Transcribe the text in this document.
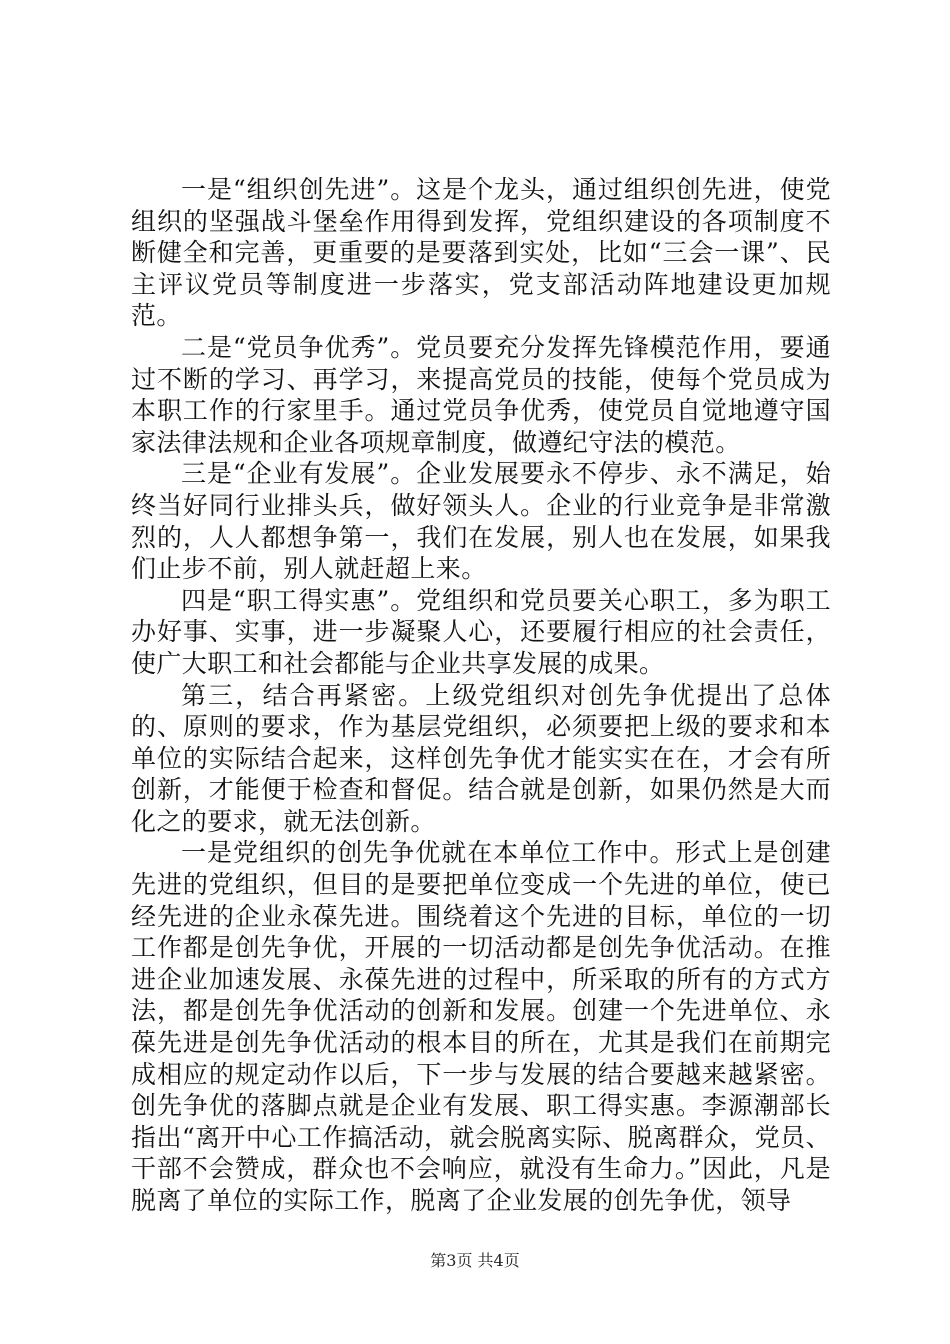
一是“组织创先进”。这是个龙头，通过组织创先进，使党组织的坚强战斗堡垒作用得到发挥，党组织建设的各项制度不断健全和完善，更重要的是要落到实处，比如“三会一课”、民主评议党员等制度进一步落实，党支部活动阵地建设更加规范。

二是“党员争优秀”。党员要充分发挥先锋模范作用，要通过不断的学习、再学习，来提高党员的技能，使每个党员成为本职工作的行家里手。通过党员争优秀，使党员自觉地遵守国家法律法规和企业各项规章制度，做遵纪守法的模范。

三是“企业有发展”。企业发展要永不停步、永不满足，始终当好同行业排头兵，做好领头人。企业的行业竞争是非常激烈的，人人都想争第一，我们在发展，别人也在发展，如果我们止步不前，别人就赶超上来。

四是“职工得实惠”。党组织和党员要关心职工，多为职工办好事、实事，进一步凝聚人心，还要履行相应的社会责任，使广大职工和社会都能与企业共享发展的成果。

第三，结合再紧密。上级党组织对创先争优提出了总体的、原则的要求，作为基层党组织，必须要把上级的要求和本单位的实际结合起来，这样创先争优才能实实在在，才会有所创新，才能便于检查和督促。结合就是创新，如果仍然是大而化之的要求，就无法创新。

一是党组织的创先争优就在本单位工作中。形式上是创建先进的党组织，但目的是要把单位变成一个先进的单位，使已经先进的企业永葆先进。围绕着这个先进的目标，单位的一切工作都是创先争优，开展的一切活动都是创先争优活动。在推进企业加速发展、永葆先进的过程中，所采取的所有的方式方法，都是创先争优活动的创新和发展。创建一个先进单位、永葆先进是创先争优活动的根本目的所在，尤其是我们在前期完成相应的规定动作以后，下一步与发展的结合要越来越紧密。创先争优的落脚点就是企业有发展、职工得实惠。李源潮部长指出“离开中心工作搞活动，就会脱离实际、脱离群众，党员、干部不会赞成，群众也不会响应，就没有生命力。”因此，凡是脱离了单位的实际工作，脱离了企业发展的创先争优，领导

第3页 共4页
